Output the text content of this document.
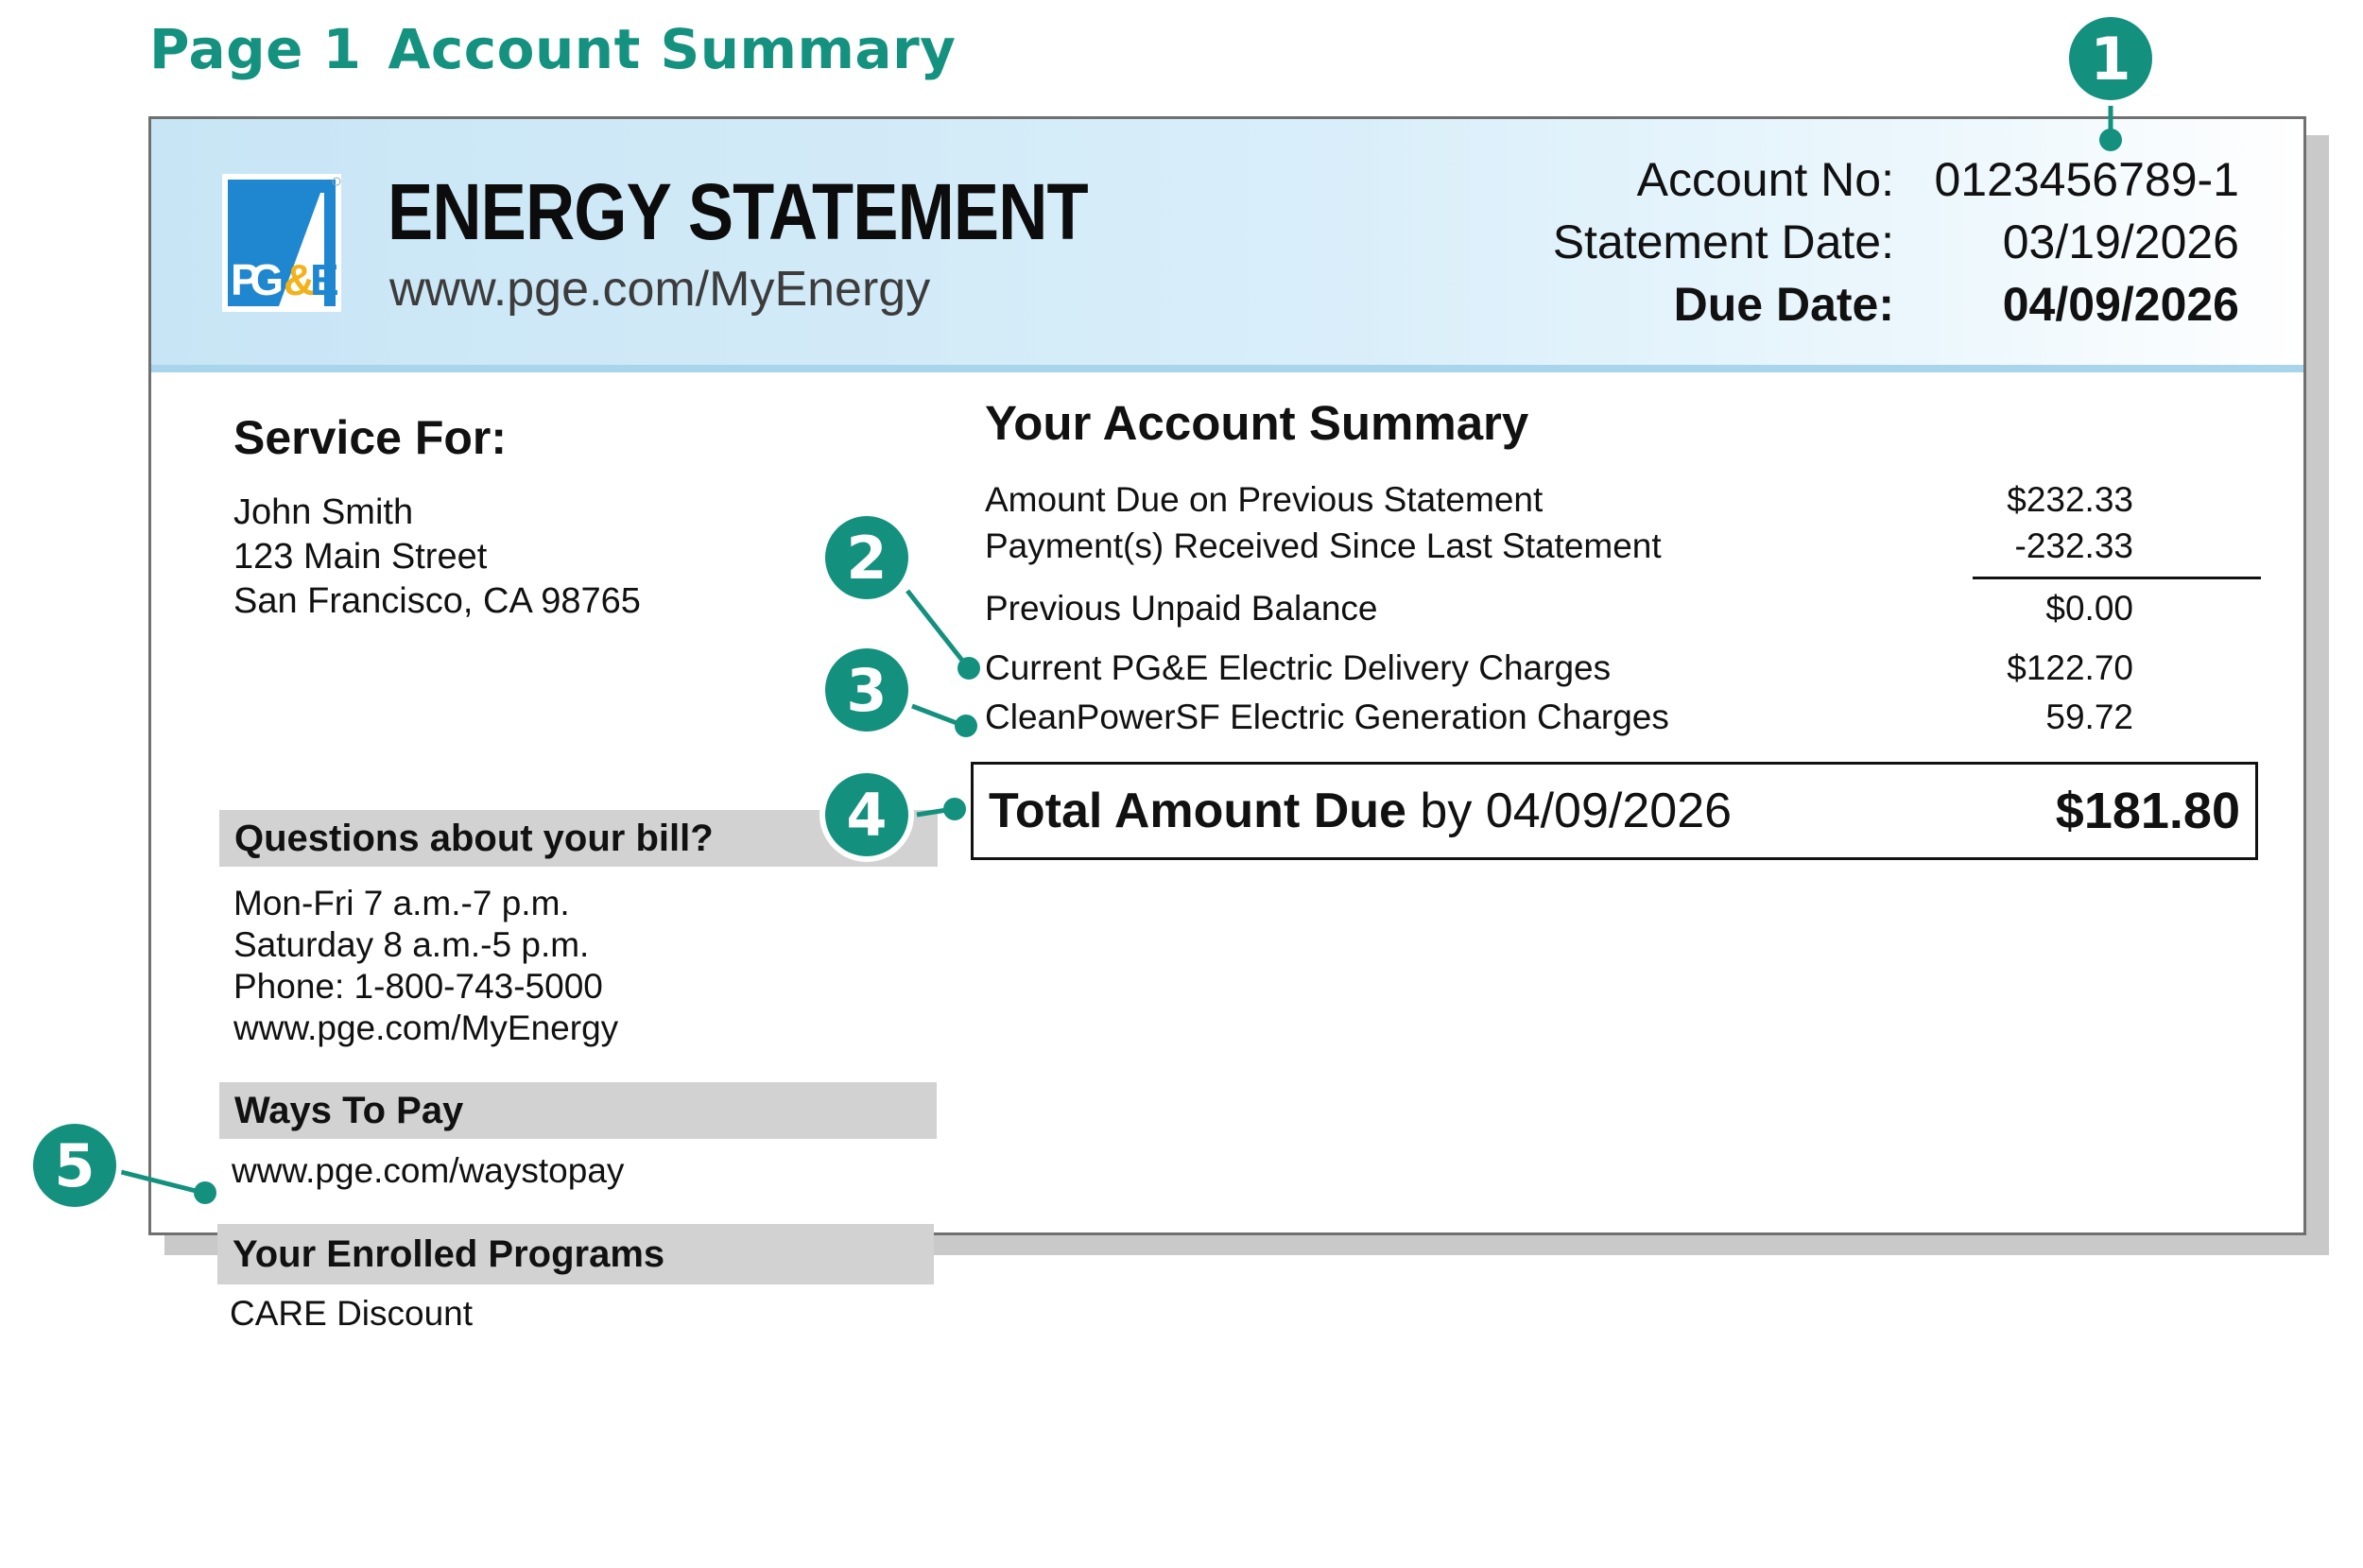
Page 1 Account Summary
PG &
E
ENERGY STATEMENT
www.pge.com/MyEnergy
Account No: 0123456789-1
Statement Date: 03/19/2026
Due Date: 04/09/2026
Service For:
John Smith
123 Main Street
San Francisco, CA 98765
Questions about your bill?
Mon-Fri 7 a.m.-7 p.m.
Saturday 8 a.m.-5 p.m.
Phone: 1-800-743-5000
www.pge.com/MyEnergy
Ways To Pay
www.pge.com/waystopay
Your Enrolled Programs
CARE Discount
Your Account Summary
Amount Due on Previous Statement	$232.33
Payment(s) Received Since Last Statement	-232.33
Previous Unpaid Balance	$0.00
Current PG&E Electric Delivery Charges	$122.70
CleanPowerSF Electric Generation Charges	59.72
Total Amount Due by 04/09/2026	$181.80
1
2
3
4
5
